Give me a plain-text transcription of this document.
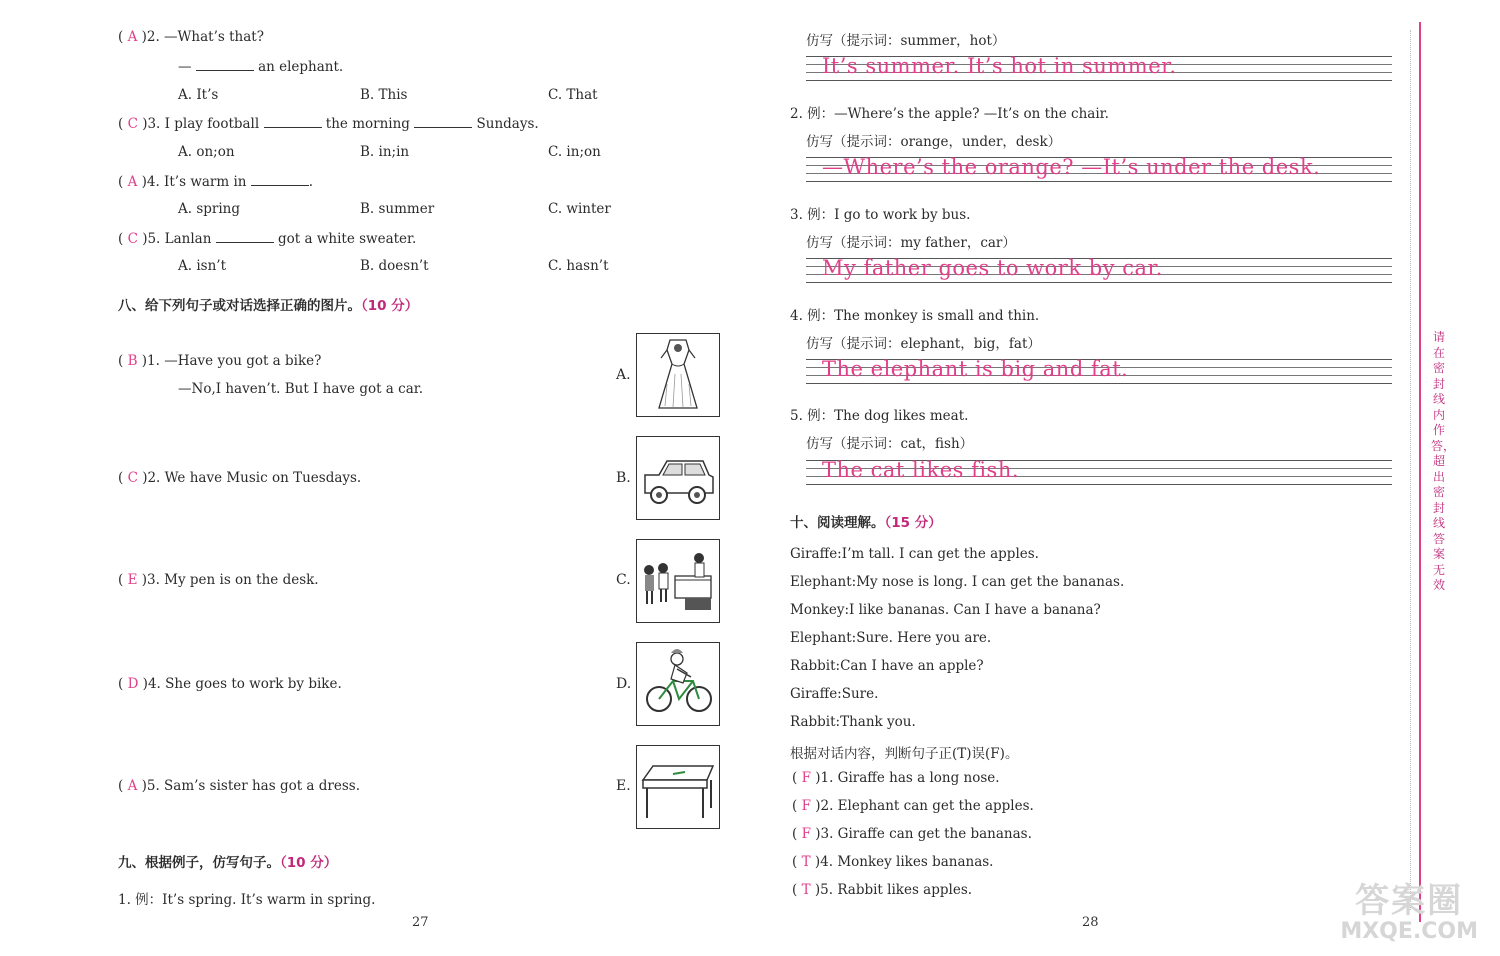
( A )2. —What’s that?
—	an elephant.
A. It’s	B. This	C. That
( C )3. I play football	the morning	Sundays.
A. on;on	B. in;in	C. in;on
( A )4. It’s warm in	.
A. spring	B. summer	C. winter
( C )5. Lanlan	got a white sweater.
A. isn’t	B. doesn’t	C. hasn’t
八、给下列句子或对话选择正确的图片。（10 分）
( B )1. —Have you got a bike?
—No,I haven’t. But I have got a car.
( C )2. We have Music on Tuesdays.
( E )3. My pen is on the desk.
( D )4. She goes to work by bike.
( A )5. Sam’s sister has got a dress.
A.
B.
C.
D.
E.
九、根据例子，仿写句子。（10 分）
1. 例：It’s spring. It’s warm in spring.
27
仿写（提示词：summer，hot）
It’s summer. It’s hot in summer.
2. 例：—Where’s the apple? —It’s on the chair.
仿写（提示词：orange，under，desk）
—Where’s the orange? —It’s under the desk.
3. 例：I go to work by bus.
仿写（提示词：my father，car）
My father goes to work by car.
4. 例：The monkey is small and thin.
仿写（提示词：elephant，big，fat）
The elephant is big and fat.
5. 例：The dog likes meat.
仿写（提示词：cat，fish）
The cat likes fish.
十、阅读理解。（15 分）
Giraffe:I’m tall. I can get the apples.
Elephant:My nose is long. I can get the bananas.
Monkey:I like bananas. Can I have a banana?
Elephant:Sure. Here you are.
Rabbit:Can I have an apple?
Giraffe:Sure.
Rabbit:Thank you.
根据对话内容，判断句子正(T)误(F)。
( F )1. Giraffe has a long nose.
( F )2. Elephant can get the apples.
( F )3. Giraffe can get the bananas.
( T )4. Monkey likes bananas.
( T )5. Rabbit likes apples.
28
请在密封线内作答，超出密封线答案无效
答案圈
MXQE.COM
